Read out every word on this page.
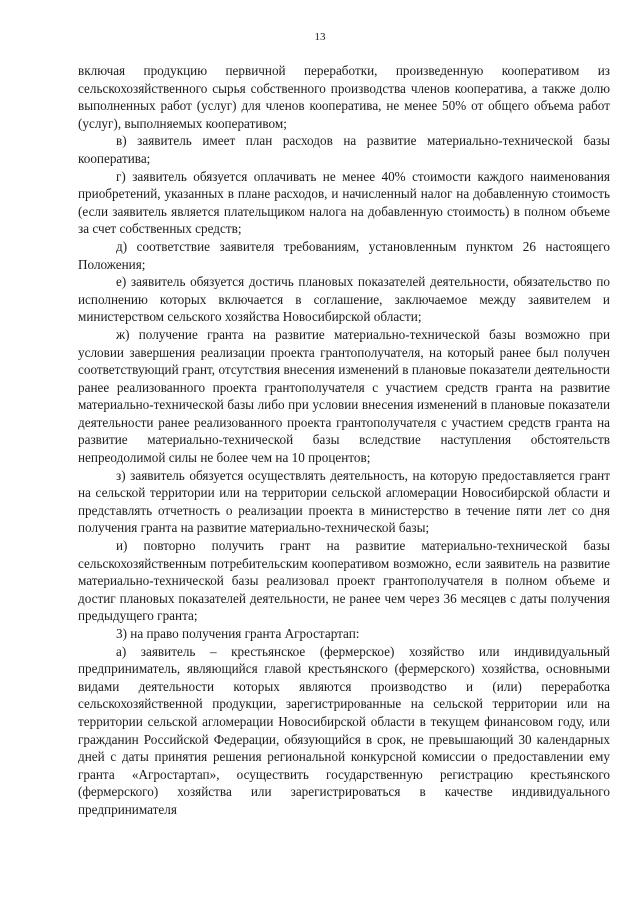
13

включая продукцию первичной переработки, произведенную кооперативом из сельскохозяйственного сырья собственного производства членов кооператива, а также долю выполненных работ (услуг) для членов кооператива, не менее 50% от общего объема работ (услуг), выполняемых кооперативом;

в) заявитель имеет план расходов на развитие материально-технической базы кооператива;

г) заявитель обязуется оплачивать не менее 40% стоимости каждого наименования приобретений, указанных в плане расходов, и начисленный налог на добавленную стоимость (если заявитель является плательщиком налога на добавленную стоимость) в полном объеме за счет собственных средств;

д) соответствие заявителя требованиям, установленным пунктом 26 настоящего Положения;

е) заявитель обязуется достичь плановых показателей деятельности, обязательство по исполнению которых включается в соглашение, заключаемое между заявителем и министерством сельского хозяйства Новосибирской области;

ж) получение гранта на развитие материально-технической базы возможно при условии завершения реализации проекта грантополучателя, на который ранее был получен соответствующий грант, отсутствия внесения изменений в плановые показатели деятельности ранее реализованного проекта грантополучателя с участием средств гранта на развитие материально-технической базы либо при условии внесения изменений в плановые показатели деятельности ранее реализованного проекта грантополучателя с участием средств гранта на развитие материально-технической базы вследствие наступления обстоятельств непреодолимой силы не более чем на 10 процентов;

з) заявитель обязуется осуществлять деятельность, на которую предоставляется грант на сельской территории или на территории сельской агломерации Новосибирской области и представлять отчетность о реализации проекта в министерство в течение пяти лет со дня получения гранта на развитие материально-технической базы;

и) повторно получить грант на развитие материально-технической базы сельскохозяйственным потребительским кооперативом возможно, если заявитель на развитие материально-технической базы реализовал проект грантополучателя в полном объеме и достиг плановых показателей деятельности, не ранее чем через 36 месяцев с даты получения предыдущего гранта;

3) на право получения гранта Агростартап:

а) заявитель – крестьянское (фермерское) хозяйство или индивидуальный предприниматель, являющийся главой крестьянского (фермерского) хозяйства, основными видами деятельности которых являются производство и (или) переработка сельскохозяйственной продукции, зарегистрированные на сельской территории или на территории сельской агломерации Новосибирской области в текущем финансовом году, или гражданин Российской Федерации, обязующийся в срок, не превышающий 30 календарных дней с даты принятия решения региональной конкурсной комиссии о предоставлении ему гранта «Агростартап», осуществить государственную регистрацию крестьянского (фермерского) хозяйства или зарегистрироваться в качестве индивидуального предпринимателя
